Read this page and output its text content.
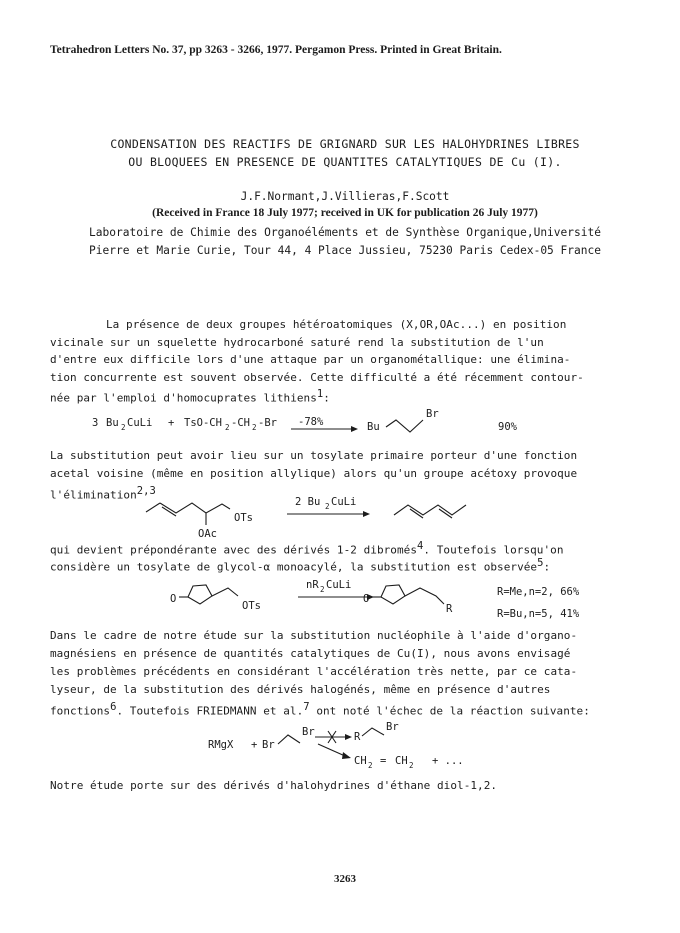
Tetrahedron Letters No. 37, pp 3263 - 3266, 1977. Pergamon Press. Printed in Great Britain.
CONDENSATION DES REACTIFS DE GRIGNARD SUR LES HALOHYDRINES LIBRES
OU BLOQUEES EN PRESENCE DE QUANTITES CATALYTIQUES DE Cu (I).
J.F.Normant,J.Villieras,F.Scott
(Received in France 18 July 1977; received in UK for publication 26 July 1977)
Laboratoire de Chimie des Organoéléments et de Synthèse Organique,Université
Pierre et Marie Curie, Tour 44, 4 Place Jussieu, 75230 Paris Cedex-05 France
La présence de deux groupes hétéroatomiques (X,OR,OAc...) en position
vicinale sur un squelette hydrocarboné saturé rend la substitution de l'un
d'entre eux difficile lors d'une attaque par un organométallique: une élimina-
tion concurrente est souvent observée. Cette difficulté a été récemment contour-
née par l'emploi d'homocuprates lithiens$^1$:
3 Bu 2 CuLi + TsO-CH 2 -CH 2 -Br -78%	Bu
Br
90%
La substitution peut avoir lieu sur un tosylate primaire porteur d'une fonction
acetal voisine (même en position allylique) alors qu'un groupe acétoxy provoque
l'élimination$^{2,3}$
OTs
OAc
2 Bu 2 CuLi
qui devient prépondérante avec des dérivés 1-2 dibromés$^4$. Toutefois lorsqu'on
considère un tosylate de glycol-α monoacylé, la substitution est observée$^5$:
O
OTs
nR 2 CuLi
O
R
R=Me,n=2, 66%
R=Bu,n=5, 41%
Dans le cadre de notre étude sur la substitution nucléophile à l'aide d'organo-
magnésiens en présence de quantités catalytiques de Cu(I), nous avons envisagé
les problèmes précédents en considérant l'accélération très nette, par ce cata-
lyseur, de la substitution des dérivés halogénés, même en présence d'autres
fonctions$^6$. Toutefois FRIEDMANN et al.$^7$ ont noté l'échec de la réaction suivante:
RMgX + Br
Br	R
Br
CH 2 = CH 2 + ...
Notre étude porte sur des dérivés d'halohydrines d'éthane diol-1,2.
3263
